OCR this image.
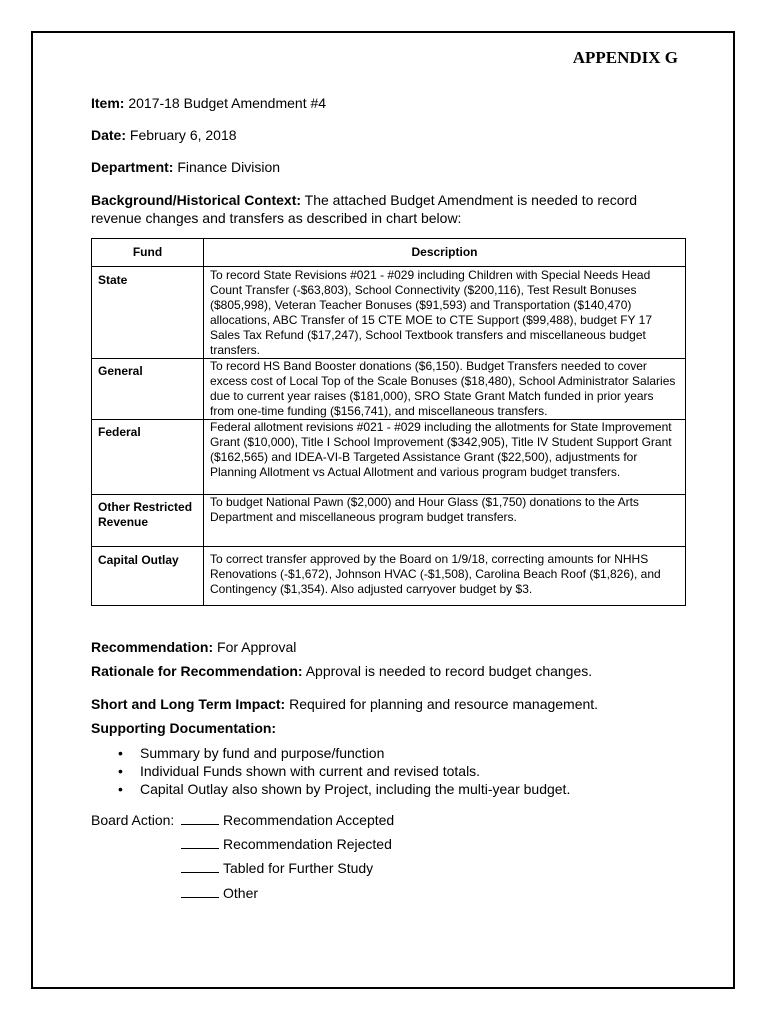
APPENDIX G
Item: 2017-18 Budget Amendment #4
Date: February 6, 2018
Department: Finance Division
Background/Historical Context: The attached Budget Amendment is needed to record revenue changes and transfers as described in chart below:
Fund	Description
State	To record State Revisions #021 - #029 including Children with Special Needs Head Count Transfer (-$63,803), School Connectivity ($200,116), Test Result Bonuses ($805,998), Veteran Teacher Bonuses ($91,593) and Transportation ($140,470) allocations, ABC Transfer of 15 CTE MOE to CTE Support ($99,488), budget FY 17 Sales Tax Refund ($17,247), School Textbook transfers and miscellaneous budget transfers.
General	To record HS Band Booster donations ($6,150). Budget Transfers needed to cover excess cost of Local Top of the Scale Bonuses ($18,480), School Administrator Salaries due to current year raises ($181,000), SRO State Grant Match funded in prior years from one-time funding ($156,741), and miscellaneous transfers.
Federal	Federal allotment revisions #021 - #029 including the allotments for State Improvement Grant ($10,000), Title I School Improvement ($342,905), Title IV Student Support Grant ($162,565) and IDEA-VI-B Targeted Assistance Grant ($22,500), adjustments for Planning Allotment vs Actual Allotment and various program budget transfers.
Other Restricted Revenue	To budget National Pawn ($2,000) and Hour Glass ($1,750) donations to the Arts Department and miscellaneous program budget transfers.
Capital Outlay	To correct transfer approved by the Board on 1/9/18, correcting amounts for NHHS Renovations (-$1,672), Johnson HVAC (-$1,508), Carolina Beach Roof ($1,826), and Contingency ($1,354). Also adjusted carryover budget by $3.
Recommendation: For Approval
Rationale for Recommendation: Approval is needed to record budget changes.
Short and Long Term Impact: Required for planning and resource management.
Supporting Documentation:
• Summary by fund and purpose/function
• Individual Funds shown with current and revised totals.
• Capital Outlay also shown by Project, including the multi-year budget.
Board Action:	Recommendation Accepted
Recommendation Rejected
Tabled for Further Study
Other
